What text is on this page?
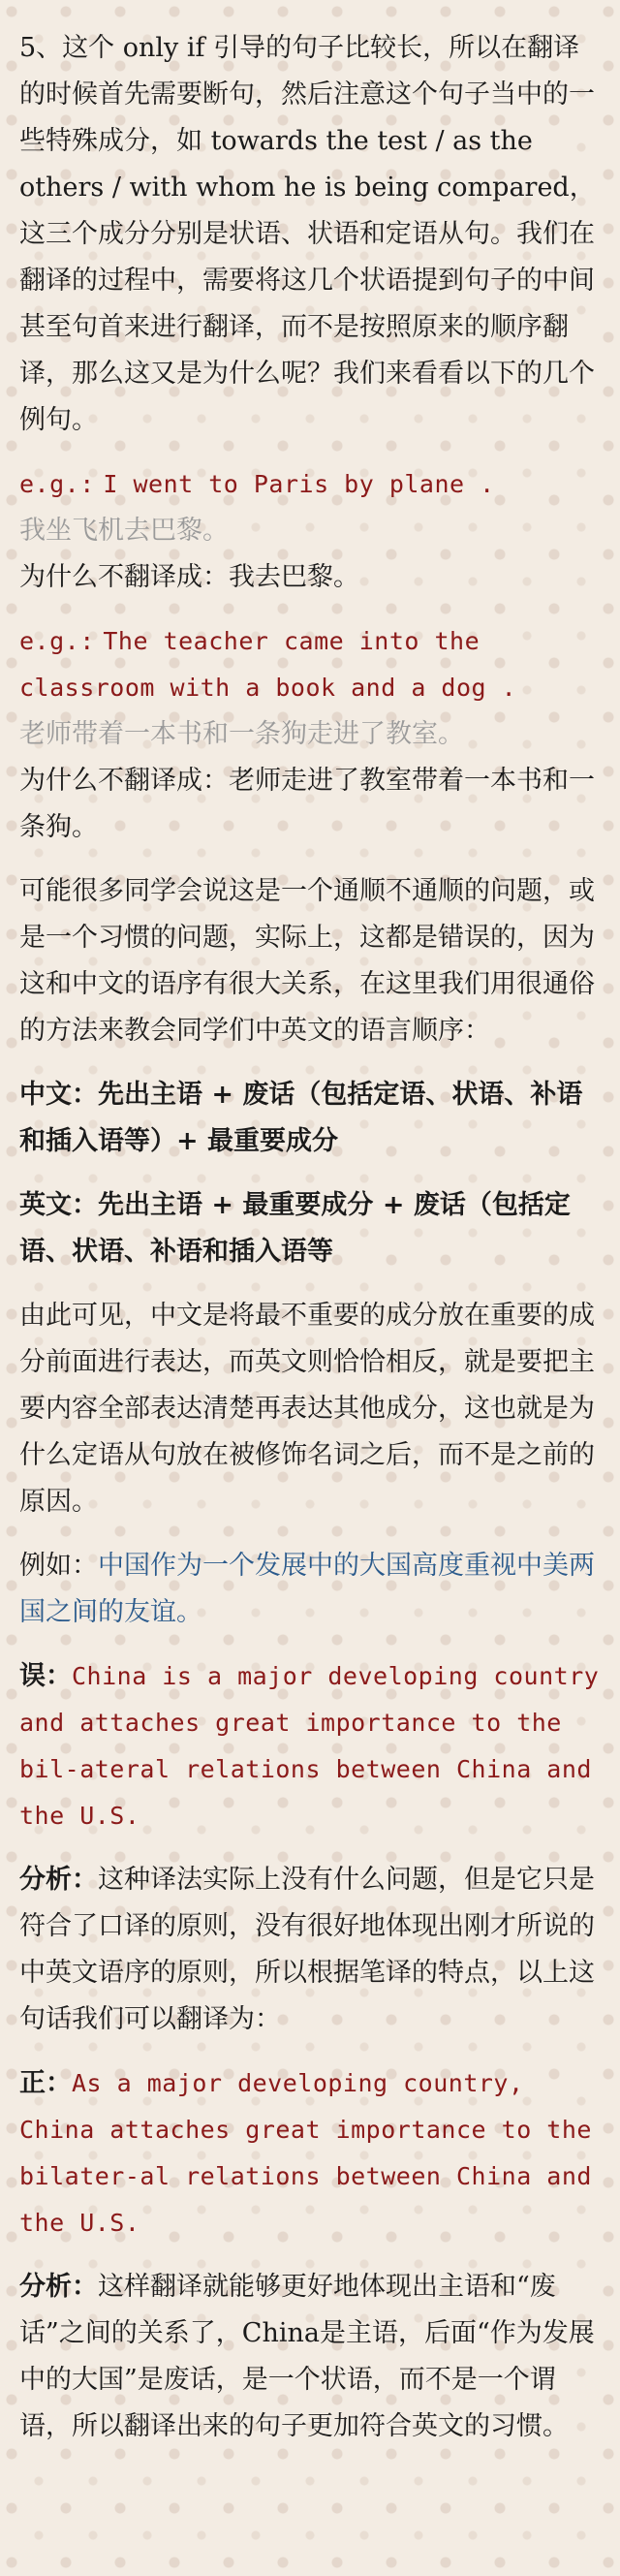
5、这个 only if 引导的句子比较长，所以在翻译的时候首先需要断句，然后注意这个句子当中的一些特殊成分，如 towards the test / as the others / with whom he is being compared，这三个成分分别是状语、状语和定语从句。我们在翻译的过程中，需要将这几个状语提到句子的中间甚至句首来进行翻译，而不是按照原来的顺序翻译，那么这又是为什么呢？我们来看看以下的几个例句。

e.g.: I went to Paris by plane .

我坐飞机去巴黎。

为什么不翻译成：我去巴黎。

e.g.: The teacher came into the classroom with a book and a dog .

老师带着一本书和一条狗走进了教室。

为什么不翻译成：老师走进了教室带着一本书和一条狗。

可能很多同学会说这是一个通顺不通顺的问题，或是一个习惯的问题，实际上，这都是错误的，因为这和中文的语序有很大关系，在这里我们用很通俗的方法来教会同学们中英文的语言顺序：

中文：先出主语 + 废话（包括定语、状语、补语和插入语等）+ 最重要成分

英文：先出主语 + 最重要成分 + 废话（包括定语、状语、补语和插入语等

由此可见，中文是将最不重要的成分放在重要的成分前面进行表达，而英文则恰恰相反，就是要把主要内容全部表达清楚再表达其他成分，这也就是为什么定语从句放在被修饰名词之后，而不是之前的原因。

例如：中国作为一个发展中的大国高度重视中美两国之间的友谊。

误：China is a major developing country and attaches great importance to the bil-ateral relations between China and the U.S.

分析：这种译法实际上没有什么问题，但是它只是符合了口译的原则，没有很好地体现出刚才所说的中英文语序的原则，所以根据笔译的特点，以上这句话我们可以翻译为：

正：As a major developing country, China attaches great importance to the bilater-al relations between China and the U.S.

分析：这样翻译就能够更好地体现出主语和“废话”之间的关系了，China是主语，后面“作为发展中的大国”是废话，是一个状语，而不是一个谓语，所以翻译出来的句子更加符合英文的习惯。
